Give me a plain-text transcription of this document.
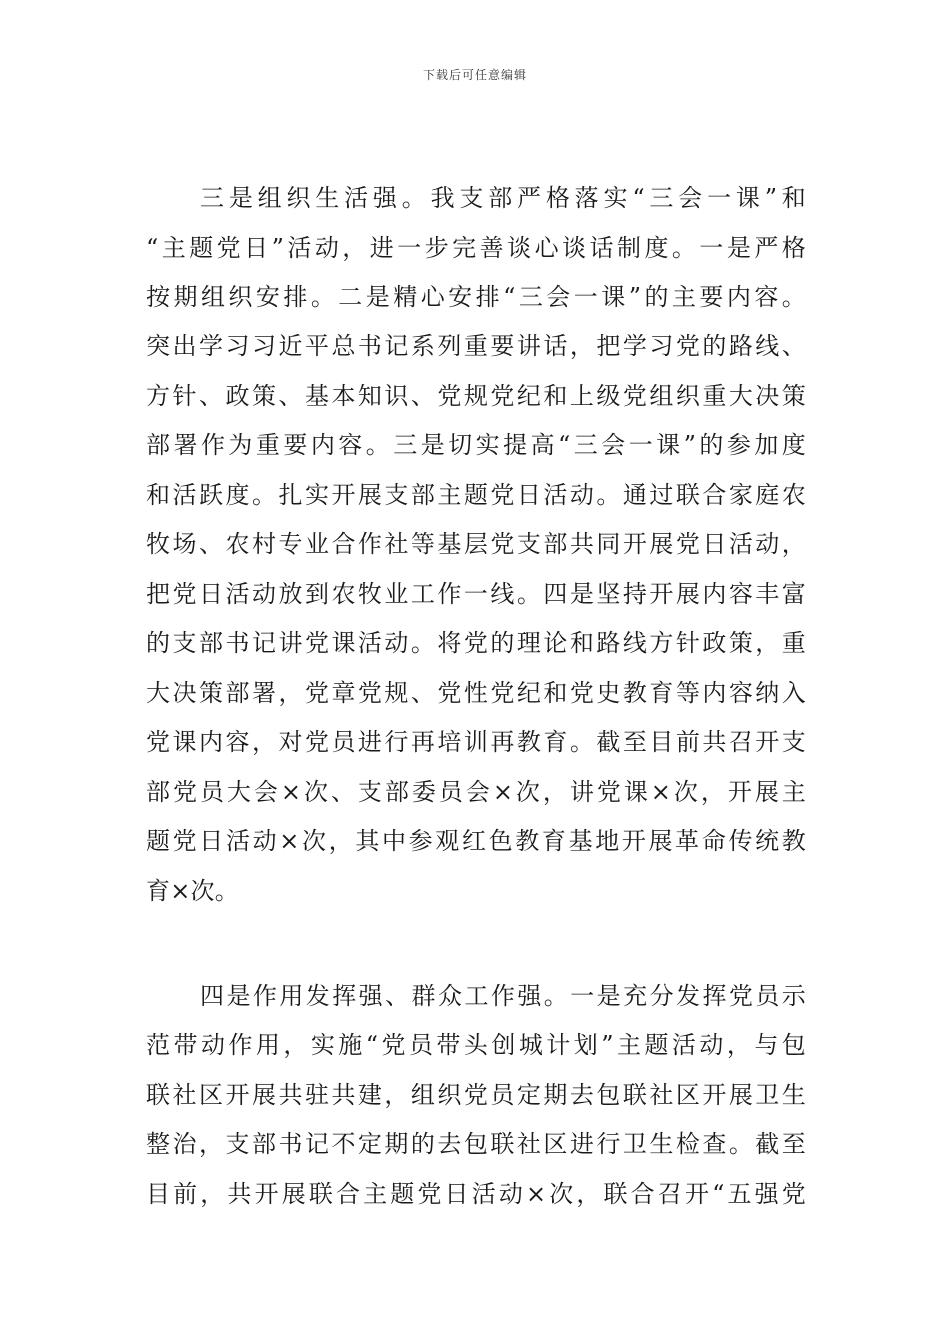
下载后可任意编辑
三是组织生活强。我支部严格落实“三会一课”和
“主题党日”活动，进一步完善谈心谈话制度。一是严格
按期组织安排。二是精心安排“三会一课”的主要内容。
突出学习习近平总书记系列重要讲话，把学习党的路线、
方针、政策、基本知识、党规党纪和上级党组织重大决策
部署作为重要内容。三是切实提高“三会一课”的参加度
和活跃度。扎实开展支部主题党日活动。通过联合家庭农
牧场、农村专业合作社等基层党支部共同开展党日活动，
把党日活动放到农牧业工作一线。四是坚持开展内容丰富
的支部书记讲党课活动。将党的理论和路线方针政策，重
大决策部署，党章党规、党性党纪和党史教育等内容纳入
党课内容，对党员进行再培训再教育。截至目前共召开支
部党员大会×次、支部委员会×次，讲党课×次，开展主
题党日活动×次，其中参观红色教育基地开展革命传统教
育×次。
四是作用发挥强、群众工作强。一是充分发挥党员示
范带动作用，实施“党员带头创城计划”主题活动，与包
联社区开展共驻共建，组织党员定期去包联社区开展卫生
整治，支部书记不定期的去包联社区进行卫生检查。截至
目前，共开展联合主题党日活动×次，联合召开“五强党
